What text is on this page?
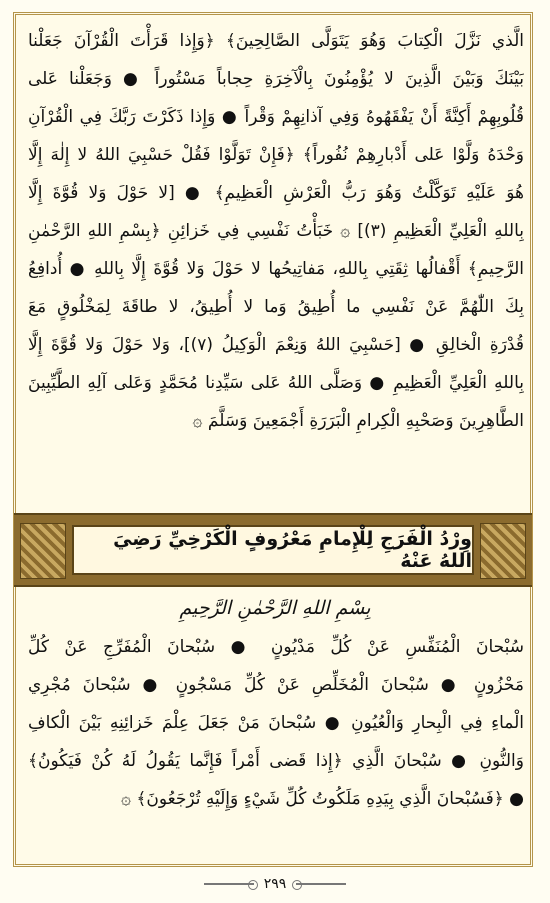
الَّذي نَزَّلَ الْكِتابَ وَهُوَ يَتَوَلَّى الصَّالِحِينَ﴾ ﴿وَإِذا قَرَأْتَ الْقُرْآنَ جَعَلْنا
بَيْنَكَ وَبَيْنَ الَّذِينَ لا يُؤْمِنُونَ بِالْآخِرَةِ حِجاباً مَسْتُوراً ● وَجَعَلْنا عَلى
قُلُوبِهِمْ أَكِنَّةً أَنْ يَفْقَهُوهُ وَفِي آذانِهِمْ وَقْراً ● وَإِذا ذَكَرْتَ رَبَّكَ فِي الْقُرْآنِ
وَحْدَهُ وَلَّوْا عَلى أَدْبارِهِمْ نُفُوراً﴾ ﴿فَإِنْ تَوَلَّوْا فَقُلْ حَسْبِيَ اللهُ لا إِلٰهَ إِلَّا
هُوَ عَلَيْهِ تَوَكَّلْتُ وَهُوَ رَبُّ الْعَرْشِ الْعَظِيمِ﴾ ● [لا حَوْلَ وَلا قُوَّةَ إِلَّا
بِاللهِ الْعَلِيِّ الْعَظِيمِ (٣)] ۞ خَبَأْتُ نَفْسِي فِي خَزائِنِ ﴿بِسْمِ اللهِ الرَّحْمٰنِ
الرَّحِيمِ﴾ أَقْفالُها ثِقَتِي بِاللهِ، مَفاتِيحُها لا حَوْلَ وَلا قُوَّةَ إِلَّا بِاللهِ ● أُدافِعُ
بِكَ اللّٰهُمَّ عَنْ نَفْسِي ما أُطِيقُ وَما لا أُطِيقُ، لا طاقَةَ لِمَخْلُوقٍ مَعَ
قُدْرَةِ الْخالِقِ ● [حَسْبِيَ اللهُ وَنِعْمَ الْوَكِيلُ (٧)]، وَلا حَوْلَ وَلا قُوَّةَ إِلَّا
بِاللهِ الْعَلِيِّ الْعَظِيمِ ● وَصَلَّى اللهُ عَلى سَيِّدِنا مُحَمَّدٍ وَعَلى آلِهِ الطَّيِّبِينَ
الطَّاهِرِينَ وَصَحْبِهِ الْكِرامِ الْبَرَرَةِ أَجْمَعِينَ وَسَلَّمَ ۞
وِرْدُ الْفَرَجِ لِلْإِمامِ مَعْرُوفٍ الْكَرْخِيِّ رَضِيَ اللهُ عَنْهُ
بِسْمِ اللهِ الرَّحْمٰنِ الرَّحِيمِ
سُبْحانَ الْمُنَفِّسِ عَنْ كُلِّ مَدْيُونٍ ● سُبْحانَ الْمُفَرِّجِ عَنْ كُلِّ
مَحْزُونٍ ● سُبْحانَ الْمُخَلِّصِ عَنْ كُلِّ مَسْجُونٍ ● سُبْحانَ مُجْرِي
الْماءِ فِي الْبِحارِ وَالْعُيُونِ ● سُبْحانَ مَنْ جَعَلَ عِلْمَ خَزائِنِهِ بَيْنَ الْكافِ
وَالنُّونِ ● سُبْحانَ الَّذِي ﴿إِذا قَضى أَمْراً فَإِنَّما يَقُولُ لَهُ كُنْ فَيَكُونُ﴾
● ﴿فَسُبْحانَ الَّذِي بِيَدِهِ مَلَكُوتُ كُلِّ شَيْءٍ وَإِلَيْهِ تُرْجَعُونَ﴾ ۞
٢٩٩
